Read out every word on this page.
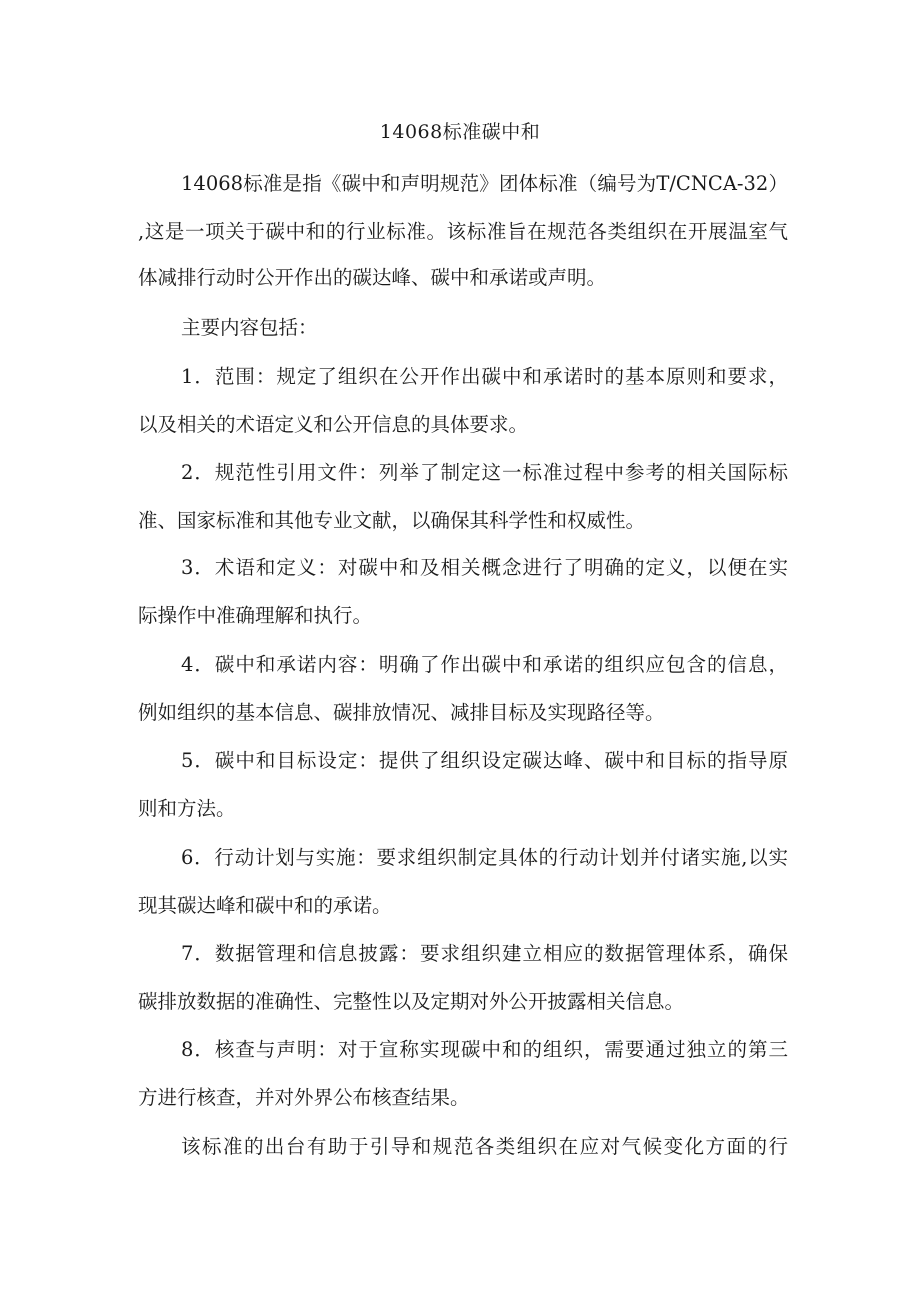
14068标准碳中和
14068标准是指《碳中和声明规范》团体标准（编号为T/CNCA-32）
,这是一项关于碳中和的行业标准。该标准旨在规范各类组织在开展温室气
体减排行动时公开作出的碳达峰、碳中和承诺或声明。
主要内容包括：
1．范围：规定了组织在公开作出碳中和承诺时的基本原则和要求，
以及相关的术语定义和公开信息的具体要求。
2．规范性引用文件：列举了制定这一标准过程中参考的相关国际标
准、国家标准和其他专业文献，以确保其科学性和权威性。
3．术语和定义：对碳中和及相关概念进行了明确的定义，以便在实
际操作中准确理解和执行。
4．碳中和承诺内容：明确了作出碳中和承诺的组织应包含的信息，
例如组织的基本信息、碳排放情况、减排目标及实现路径等。
5．碳中和目标设定：提供了组织设定碳达峰、碳中和目标的指导原
则和方法。
6．行动计划与实施：要求组织制定具体的行动计划并付诸实施,以实
现其碳达峰和碳中和的承诺。
7．数据管理和信息披露：要求组织建立相应的数据管理体系，确保
碳排放数据的准确性、完整性以及定期对外公开披露相关信息。
8．核查与声明：对于宣称实现碳中和的组织，需要通过独立的第三
方进行核查，并对外界公布核查结果。
该标准的出台有助于引导和规范各类组织在应对气候变化方面的行
